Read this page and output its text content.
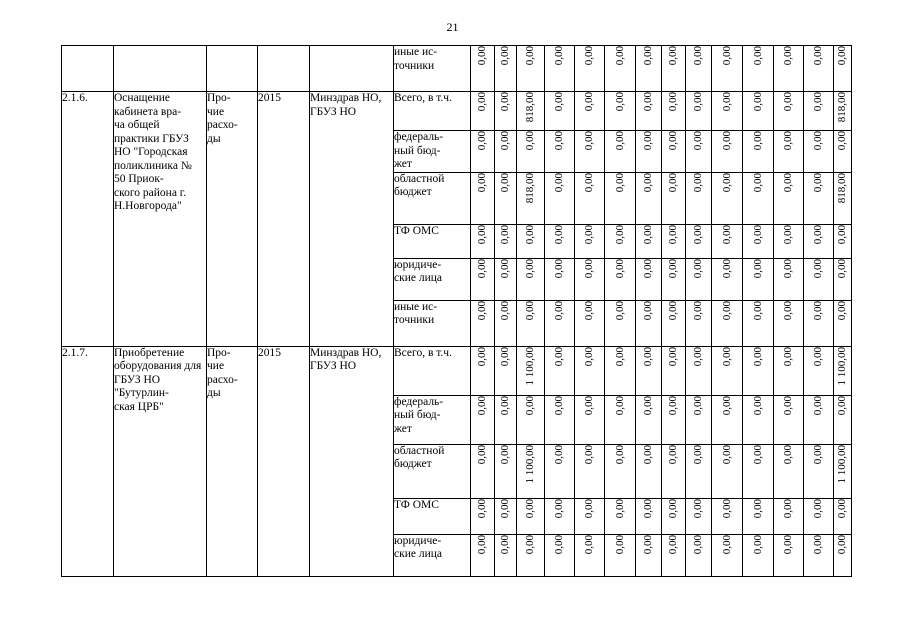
21
					иные ис-
точники	0,00	0,00	0,00	0,00	0,00	0,00	0,00	0,00	0,00	0,00	0,00	0,00	0,00	0,00
2.1.6.	Оснащение кабинета вра-
ча общей практики ГБУЗ НО "Городская поликлиника № 50 Приок-
ского района г.
Н.Новгорода"	Про-
чие расхо-
ды	2015	Минздрав НО, ГБУЗ НО	Всего, в т.ч.	0,00	0,00	818,00	0,00	0,00	0,00	0,00	0,00	0,00	0,00	0,00	0,00	0,00	818,00
					федераль-
ный бюд-
жет	0,00	0,00	0,00	0,00	0,00	0,00	0,00	0,00	0,00	0,00	0,00	0,00	0,00	0,00
					областной бюджет	0,00	0,00	818,00	0,00	0,00	0,00	0,00	0,00	0,00	0,00	0,00	0,00	0,00	818,00
					ТФ ОМС	0,00	0,00	0,00	0,00	0,00	0,00	0,00	0,00	0,00	0,00	0,00	0,00	0,00	0,00
					юридиче-
ские лица	0,00	0,00	0,00	0,00	0,00	0,00	0,00	0,00	0,00	0,00	0,00	0,00	0,00	0,00
					иные ис-
точники	0,00	0,00	0,00	0,00	0,00	0,00	0,00	0,00	0,00	0,00	0,00	0,00	0,00	0,00
2.1.7.	Приобретение оборудования для ГБУЗ НО "Бутурлин-
ская ЦРБ"	Про-
чие расхо-
ды	2015	Минздрав НО, ГБУЗ НО	Всего, в т.ч.	0,00	0,00	1 100,00	0,00	0,00	0,00	0,00	0,00	0,00	0,00	0,00	0,00	0,00	1 100,00
					федераль-
ный бюд-
жет	0,00	0,00	0,00	0,00	0,00	0,00	0,00	0,00	0,00	0,00	0,00	0,00	0,00	0,00
					областной бюджет	0,00	0,00	1 100,00	0,00	0,00	0,00	0,00	0,00	0,00	0,00	0,00	0,00	0,00	1 100,00
					ТФ ОМС	0,00	0,00	0,00	0,00	0,00	0,00	0,00	0,00	0,00	0,00	0,00	0,00	0,00	0,00
					юридиче-
ские лица	0,00	0,00	0,00	0,00	0,00	0,00	0,00	0,00	0,00	0,00	0,00	0,00	0,00	0,00
